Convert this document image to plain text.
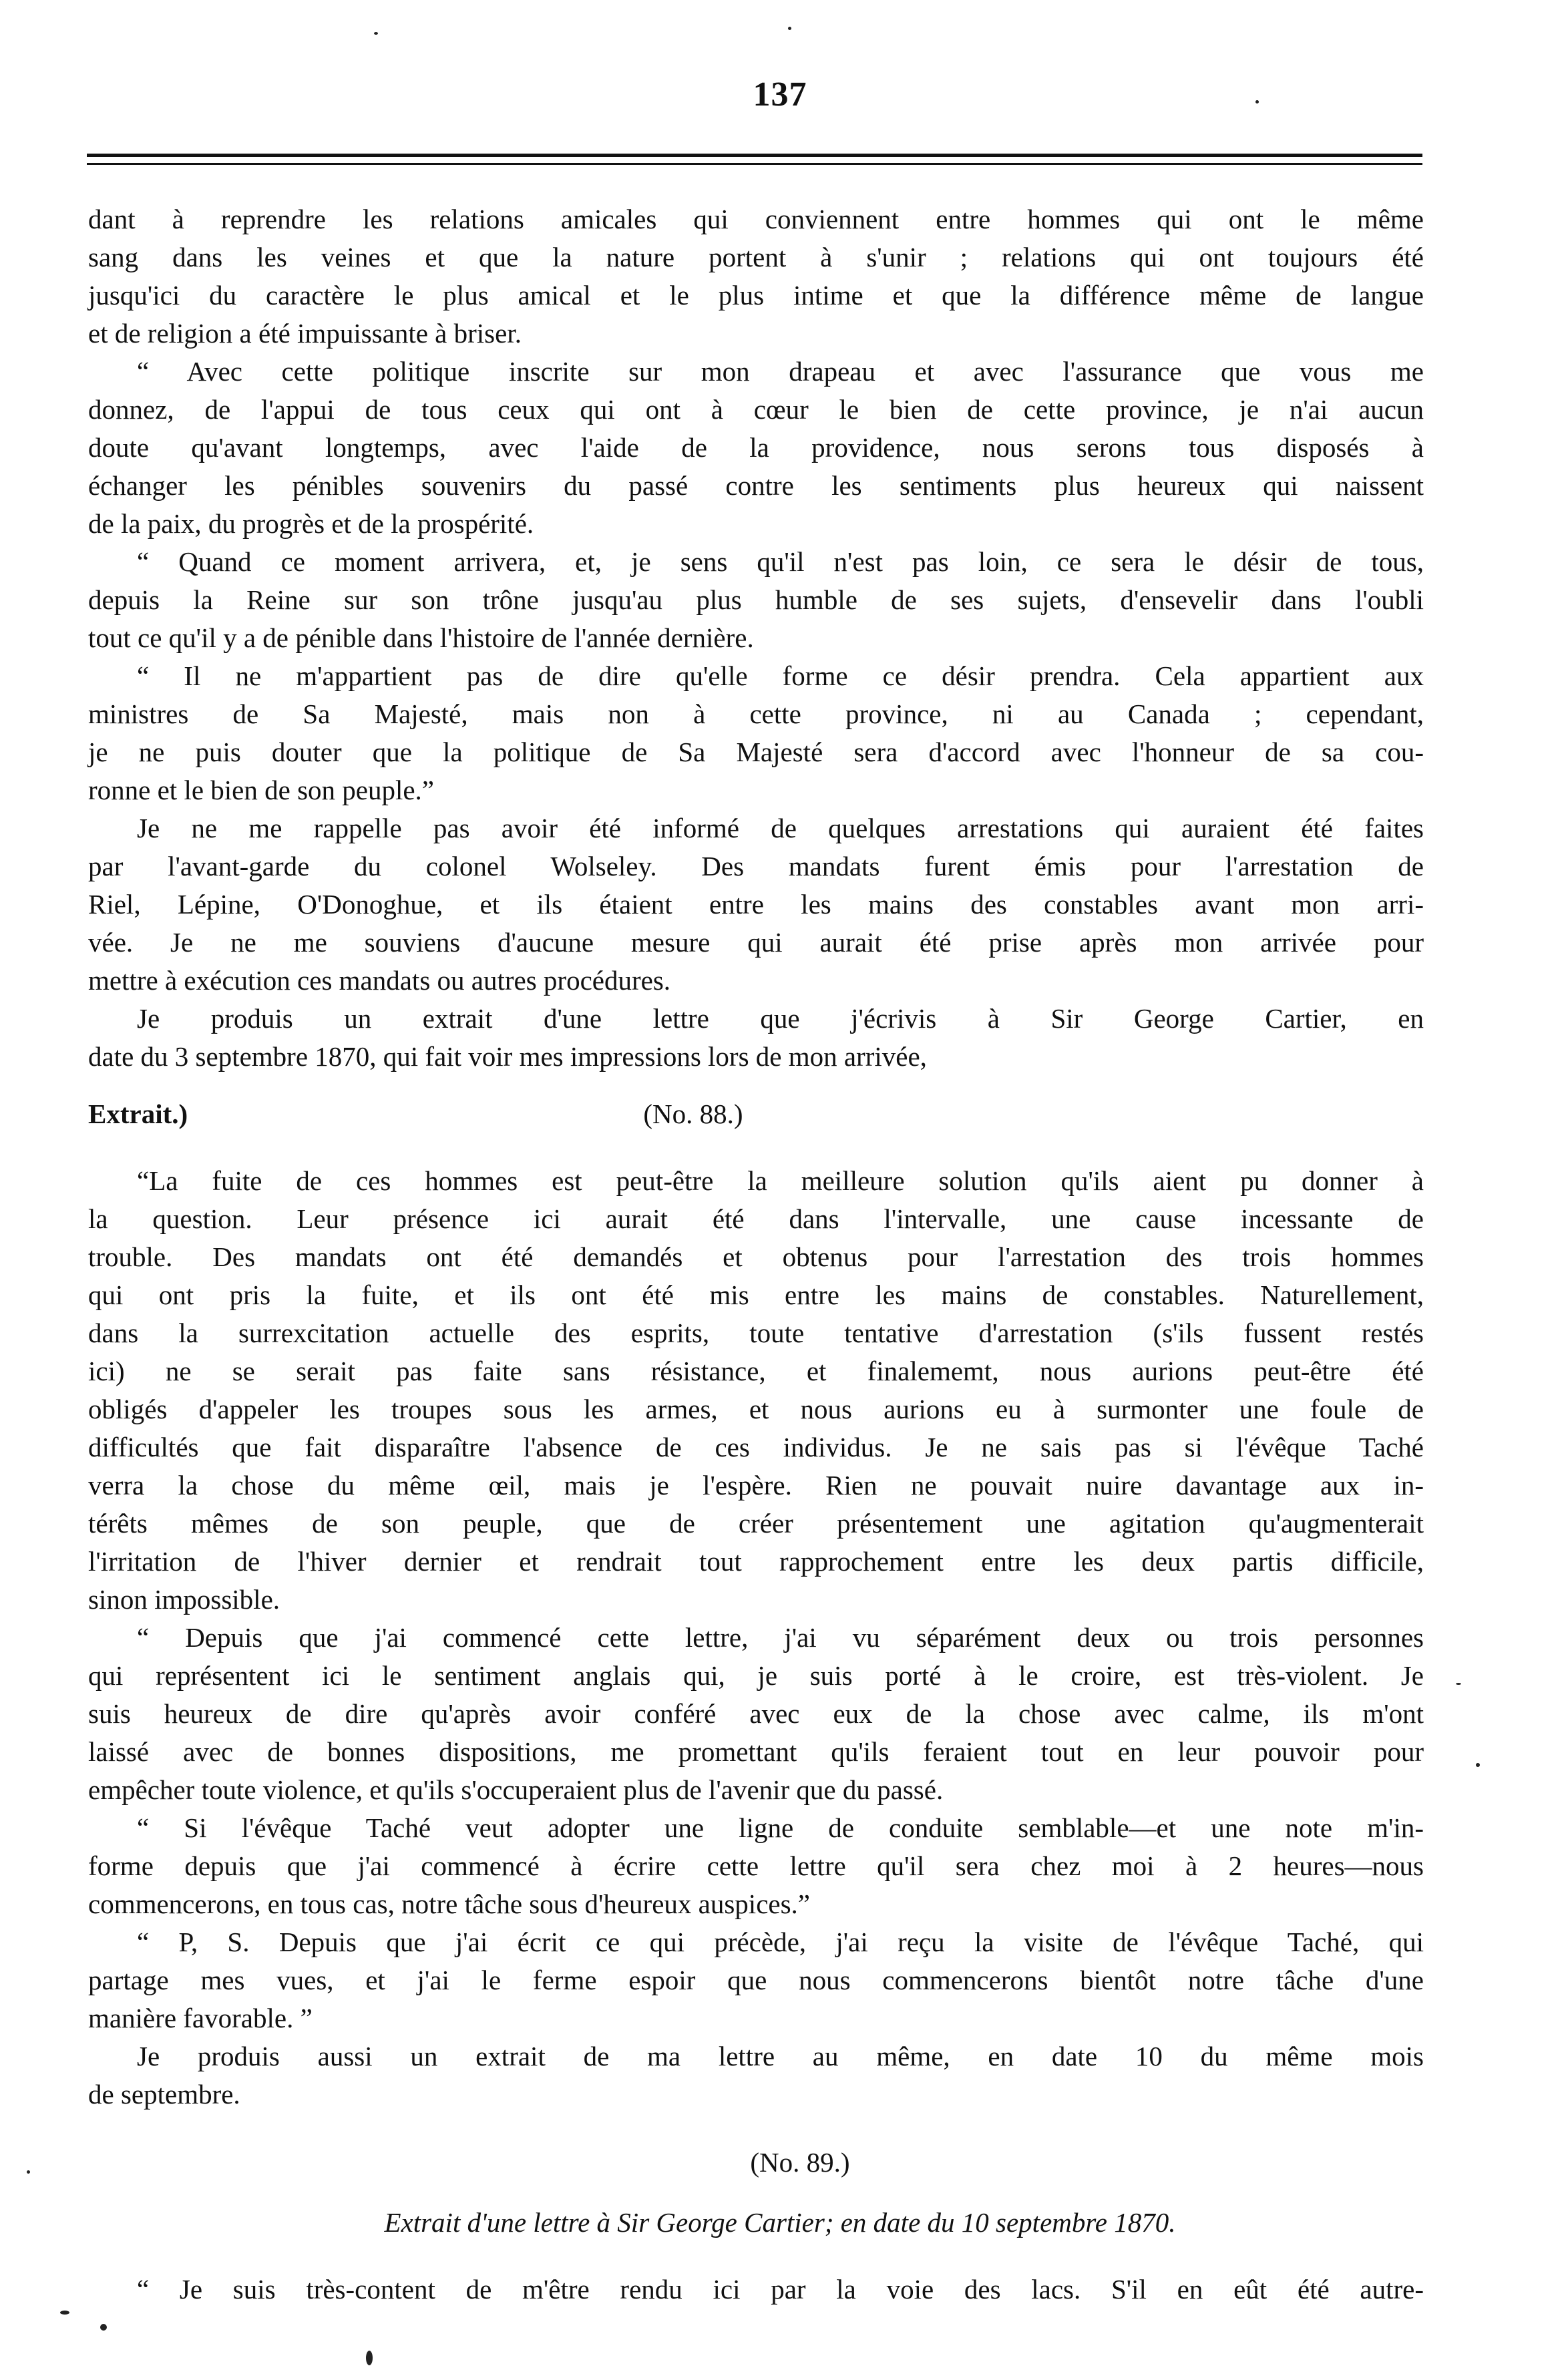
137
dant à reprendre les relations amicales qui conviennent entre hommes qui ont le même
sang dans les veines et que la nature portent à s'unir ; relations qui ont toujours été
jusqu'ici du caractère le plus amical et le plus intime et que la différence même de langue
et de religion a été impuissante à briser.
“ Avec cette politique inscrite sur mon drapeau et avec l'assurance que vous me
donnez, de l'appui de tous ceux qui ont à cœur le bien de cette province, je n'ai aucun
doute qu'avant longtemps, avec l'aide de la providence, nous serons tous disposés à
échanger les pénibles souvenirs du passé contre les sentiments plus heureux qui naissent
de la paix, du progrès et de la prospérité.
“ Quand ce moment arrivera, et, je sens qu'il n'est pas loin, ce sera le désir de tous,
depuis la Reine sur son trône jusqu'au plus humble de ses sujets, d'ensevelir dans l'oubli
tout ce qu'il y a de pénible dans l'histoire de l'année dernière.
“ Il ne m'appartient pas de dire qu'elle forme ce désir prendra. Cela appartient aux
ministres de Sa Majesté, mais non à cette province, ni au Canada ; cependant,
je ne puis douter que la politique de Sa Majesté sera d'accord avec l'honneur de sa cou-
ronne et le bien de son peuple.”
Je ne me rappelle pas avoir été informé de quelques arrestations qui auraient été faites
par l'avant-garde du colonel Wolseley. Des mandats furent émis pour l'arrestation de
Riel, Lépine, O'Donoghue, et ils étaient entre les mains des constables avant mon arri-
vée. Je ne me souviens d'aucune mesure qui aurait été prise après mon arrivée pour
mettre à exécution ces mandats ou autres procédures.
Je produis un extrait d'une lettre que j'écrivis à Sir George Cartier, en
date du 3 septembre 1870, qui fait voir mes impressions lors de mon arrivée,
Extrait.)	(No. 88.)
“La fuite de ces hommes est peut-être la meilleure solution qu'ils aient pu donner à
la question. Leur présence ici aurait été dans l'intervalle, une cause incessante de
trouble. Des mandats ont été demandés et obtenus pour l'arrestation des trois hommes
qui ont pris la fuite, et ils ont été mis entre les mains de constables. Naturellement,
dans la surrexcitation actuelle des esprits, toute tentative d'arrestation (s'ils fussent restés
ici) ne se serait pas faite sans résistance, et finalememt, nous aurions peut-être été
obligés d'appeler les troupes sous les armes, et nous aurions eu à surmonter une foule de
difficultés que fait disparaître l'absence de ces individus. Je ne sais pas si l'évêque Taché
verra la chose du même œil, mais je l'espère. Rien ne pouvait nuire davantage aux in-
térêts mêmes de son peuple, que de créer présentement une agitation qu'augmenterait
l'irritation de l'hiver dernier et rendrait tout rapprochement entre les deux partis difficile,
sinon impossible.
“ Depuis que j'ai commencé cette lettre, j'ai vu séparément deux ou trois personnes
qui représentent ici le sentiment anglais qui, je suis porté à le croire, est très-violent. Je
suis heureux de dire qu'après avoir conféré avec eux de la chose avec calme, ils m'ont
laissé avec de bonnes dispositions, me promettant qu'ils feraient tout en leur pouvoir pour
empêcher toute violence, et qu'ils s'occuperaient plus de l'avenir que du passé.
“ Si l'évêque Taché veut adopter une ligne de conduite semblable—et une note m'in-
forme depuis que j'ai commencé à écrire cette lettre qu'il sera chez moi à 2 heures—nous
commencerons, en tous cas, notre tâche sous d'heureux auspices.”
“ P, S. Depuis que j'ai écrit ce qui précède, j'ai reçu la visite de l'évêque Taché, qui
partage mes vues, et j'ai le ferme espoir que nous commencerons bientôt notre tâche d'une
manière favorable. ”
Je produis aussi un extrait de ma lettre au même, en date 10 du même mois
de septembre.
(No. 89.)
Extrait d'une lettre à Sir George Cartier; en date du 10 septembre 1870.
“ Je suis très-content de m'être rendu ici par la voie des lacs. S'il en eût été autre-
